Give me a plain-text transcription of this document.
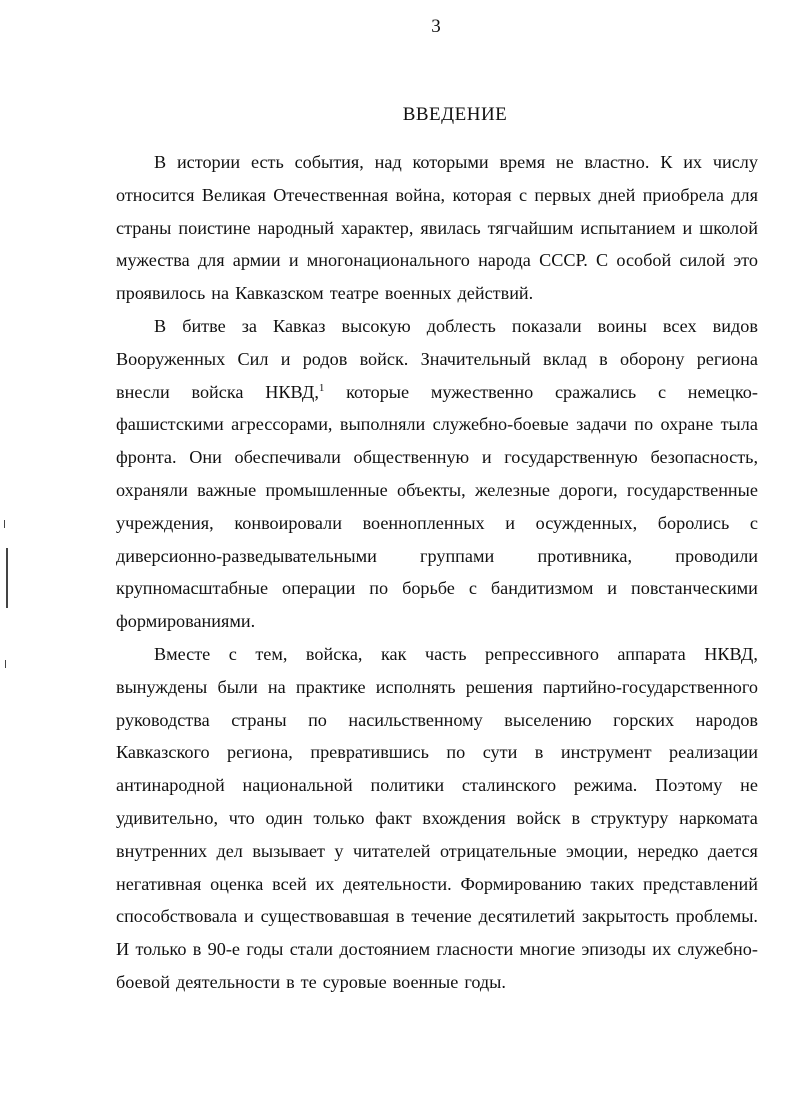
3
ВВЕДЕНИЕ
В истории есть события, над которыми время не властно. К их числу
относится Великая Отечественная война, которая с первых дней приобрела для
страны поистине народный характер, явилась тягчайшим испытанием и школой
мужества для армии и многонационального народа СССР. С особой силой это
проявилось на Кавказском театре военных действий.
В битве за Кавказ высокую доблесть показали воины всех видов
Вооруженных Сил и родов войск. Значительный вклад в оборону региона
внесли войска НКВД,$^1$ которые мужественно сражались с немецко-
фашистскими агрессорами, выполняли служебно-боевые задачи по охране тыла
фронта. Они обеспечивали общественную и государственную безопасность,
охраняли важные промышленные объекты, железные дороги, государственные
учреждения, конвоировали военнопленных и осужденных, боролись с
диверсионно-разведывательными группами противника, проводили
крупномасштабные операции по борьбе с бандитизмом и повстанческими
формированиями.
Вместе с тем, войска, как часть репрессивного аппарата НКВД,
вынуждены были на практике исполнять решения партийно-государственного
руководства страны по насильственному выселению горских народов
Кавказского региона, превратившись по сути в инструмент реализации
антинародной национальной политики сталинского режима. Поэтому не
удивительно, что один только факт вхождения войск в структуру наркомата
внутренних дел вызывает у читателей отрицательные эмоции, нередко дается
негативная оценка всей их деятельности. Формированию таких представлений
способствовала и существовавшая в течение десятилетий закрытость проблемы.
И только в 90-е годы стали достоянием гласности многие эпизоды их служебно-
боевой деятельности в те суровые военные годы.
